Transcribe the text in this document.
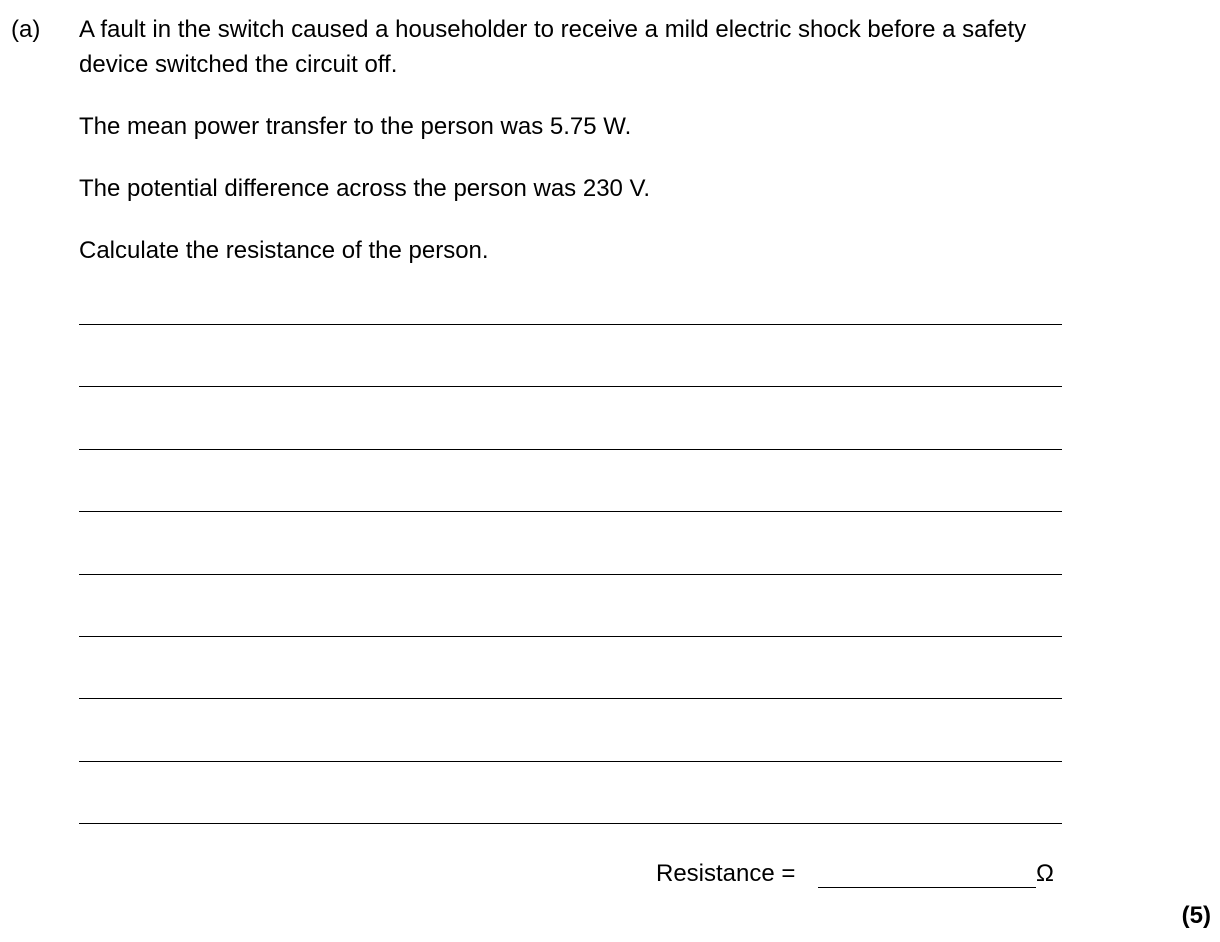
(a) A fault in the switch caused a householder to receive a mild electric shock before a safety
device switched the circuit off.
The mean power transfer to the person was 5.75 W.
The potential difference across the person was 230 V.
Calculate the resistance of the person.
Resistance =	Ω
(5)
